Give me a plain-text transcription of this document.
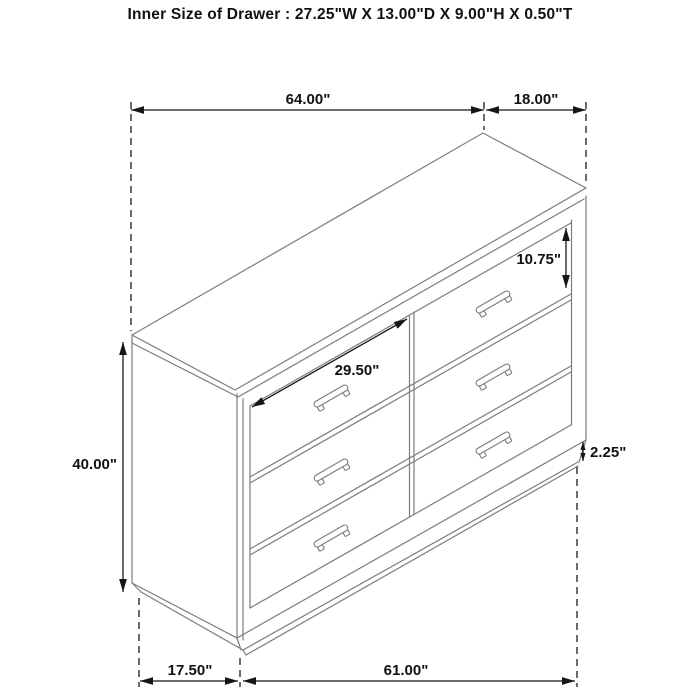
Inner Size of Drawer : 27.25"W X 13.00"D X 9.00"H X 0.50"T
64.00"	18.00"
29.50"
10.75"
40.00"
2.25"
17.50"	61.00"
